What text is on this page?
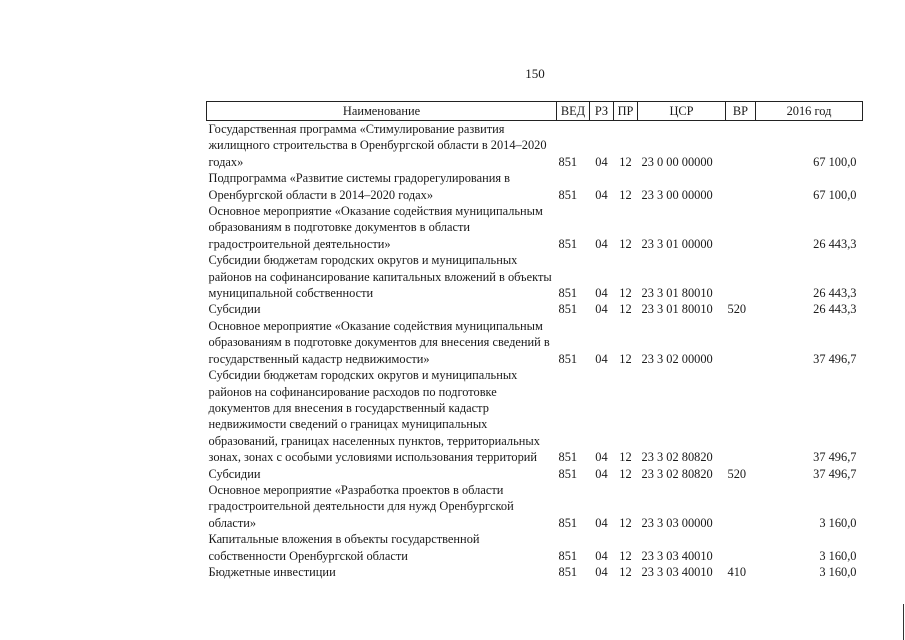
150
Наименование	ВЕД	РЗ	ПР	ЦСР	ВР	2016 год
Государственная программа «Стимулирование развития жилищного строительства в Оренбургской области в 2014–2020 годах»	851	04	12	23 0 00 00000		67 100,0
Подпрограмма «Развитие системы градорегулирования в Оренбургской области в 2014–2020 годах»	851	04	12	23 3 00 00000		67 100,0
Основное мероприятие «Оказание содействия муниципальным образованиям в подготовке документов в области градостроительной деятельности»	851	04	12	23 3 01 00000		26 443,3
Субсидии бюджетам городских округов и муниципальных районов на софинансирование капитальных вложений в объекты муниципальной собственности	851	04	12	23 3 01 80010		26 443,3
Субсидии	851	04	12	23 3 01 80010	520	26 443,3
Основное мероприятие «Оказание содействия муниципальным образованиям в подготовке документов для внесения сведений в государственный кадастр недвижимости»	851	04	12	23 3 02 00000		37 496,7
Субсидии бюджетам городских округов и муниципальных районов на софинансирование расходов по подготовке документов для внесения в государственный кадастр недвижимости сведений о границах муниципальных образований, границах населенных пунктов, территориальных зонах, зонах с особыми условиями использования территорий	851	04	12	23 3 02 80820		37 496,7
Субсидии	851	04	12	23 3 02 80820	520	37 496,7
Основное мероприятие «Разработка проектов в области градостроительной деятельности для нужд Оренбургской области»	851	04	12	23 3 03 00000		3 160,0
Капитальные вложения в объекты государственной собственности Оренбургской области	851	04	12	23 3 03 40010		3 160,0
Бюджетные инвестиции	851	04	12	23 3 03 40010	410	3 160,0
